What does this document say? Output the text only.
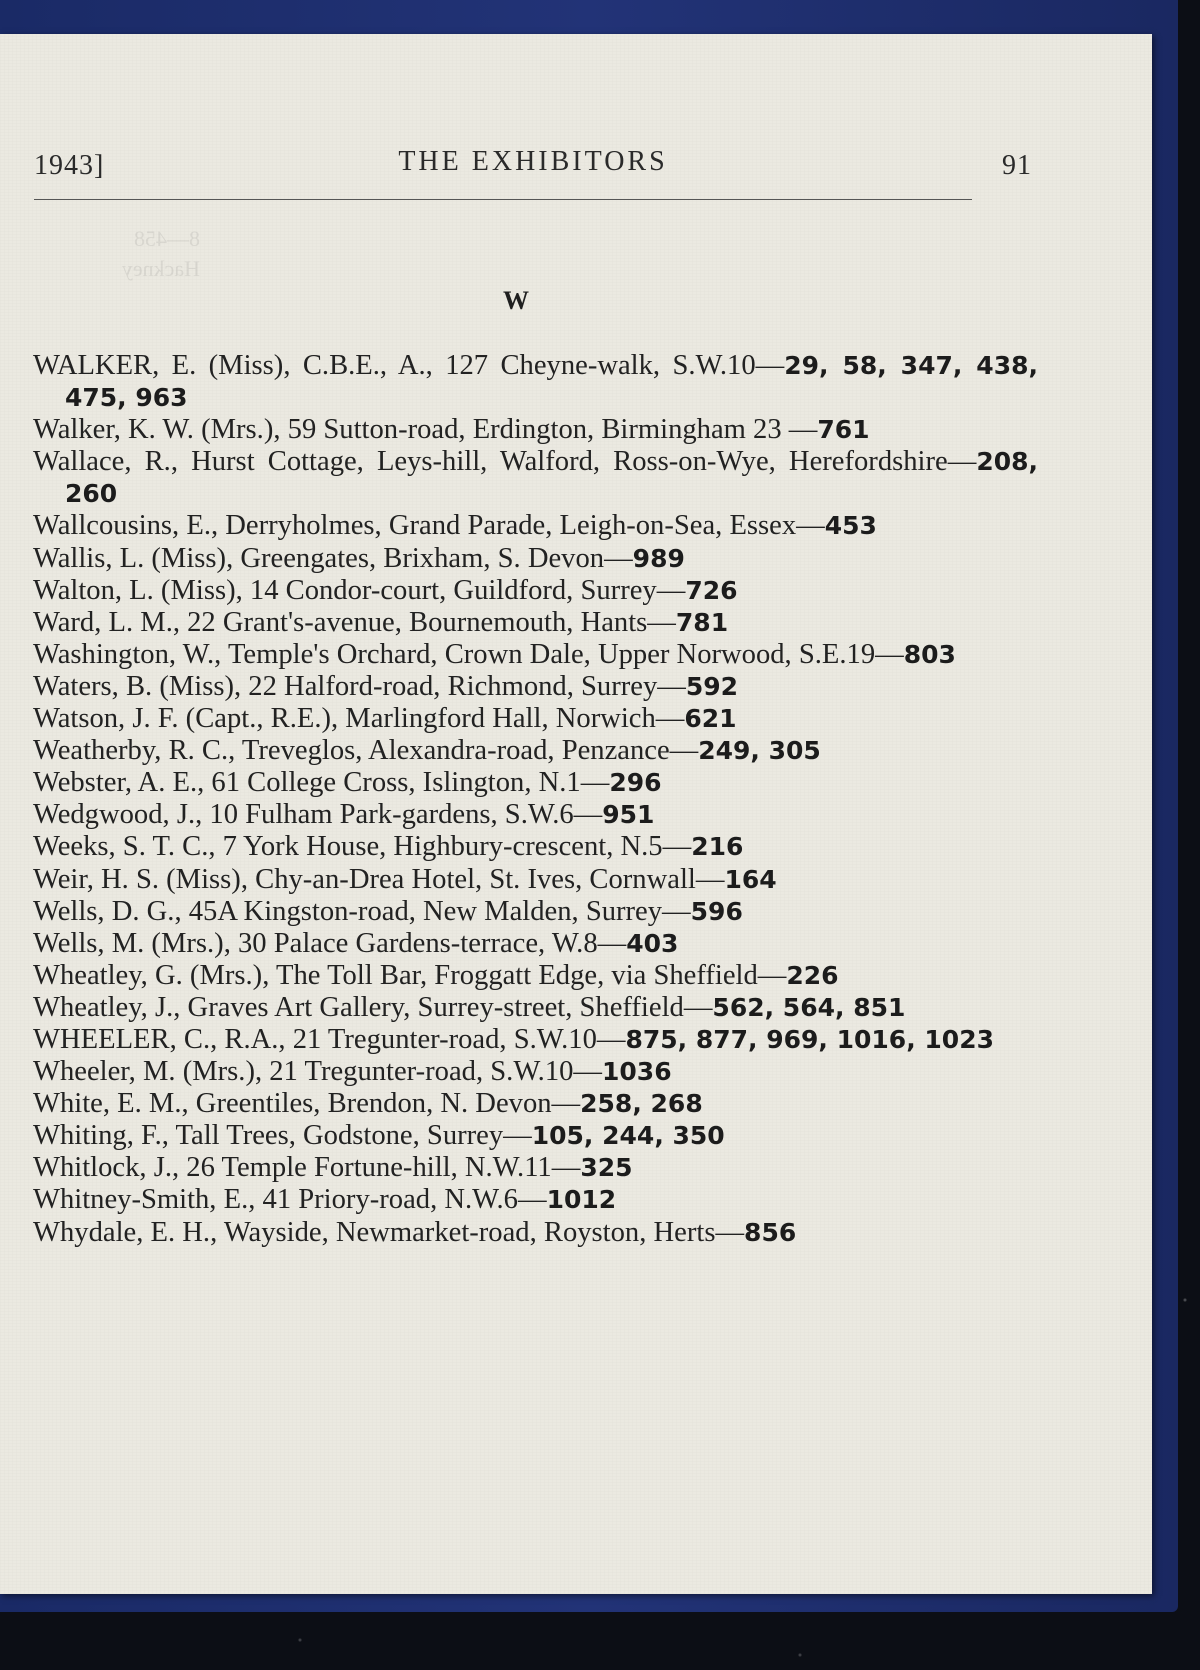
1943]	THE EXHIBITORS	91
8—458
Hackney
W
WALKER, E. (Miss), C.B.E., A., 127 Cheyne-walk, S.W.10—29, 58, 347, 438, 475, 963
Walker, K. W. (Mrs.), 59 Sutton-road, Erdington, Birmingham 23 —761
Wallace, R., Hurst Cottage, Leys-hill, Walford, Ross-on-Wye, Herefordshire—208, 260
Wallcousins, E., Derryholmes, Grand Parade, Leigh-on-Sea, Essex—453
Wallis, L. (Miss), Greengates, Brixham, S. Devon—989
Walton, L. (Miss), 14 Condor-court, Guildford, Surrey—726
Ward, L. M., 22 Grant's-avenue, Bournemouth, Hants—781
Washington, W., Temple's Orchard, Crown Dale, Upper Norwood, S.E.19—803
Waters, B. (Miss), 22 Halford-road, Richmond, Surrey—592
Watson, J. F. (Capt., R.E.), Marlingford Hall, Norwich—621
Weatherby, R. C., Treveglos, Alexandra-road, Penzance—249, 305
Webster, A. E., 61 College Cross, Islington, N.1—296
Wedgwood, J., 10 Fulham Park-gardens, S.W.6—951
Weeks, S. T. C., 7 York House, Highbury-crescent, N.5—216
Weir, H. S. (Miss), Chy-an-Drea Hotel, St. Ives, Cornwall—164
Wells, D. G., 45A Kingston-road, New Malden, Surrey—596
Wells, M. (Mrs.), 30 Palace Gardens-terrace, W.8—403
Wheatley, G. (Mrs.), The Toll Bar, Froggatt Edge, via Sheffield—226
Wheatley, J., Graves Art Gallery, Surrey-street, Sheffield—562, 564, 851
WHEELER, C., R.A., 21 Tregunter-road, S.W.10—875, 877, 969, 1016, 1023
Wheeler, M. (Mrs.), 21 Tregunter-road, S.W.10—1036
White, E. M., Greentiles, Brendon, N. Devon—258, 268
Whiting, F., Tall Trees, Godstone, Surrey—105, 244, 350
Whitlock, J., 26 Temple Fortune-hill, N.W.11—325
Whitney-Smith, E., 41 Priory-road, N.W.6—1012
Whydale, E. H., Wayside, Newmarket-road, Royston, Herts—856
